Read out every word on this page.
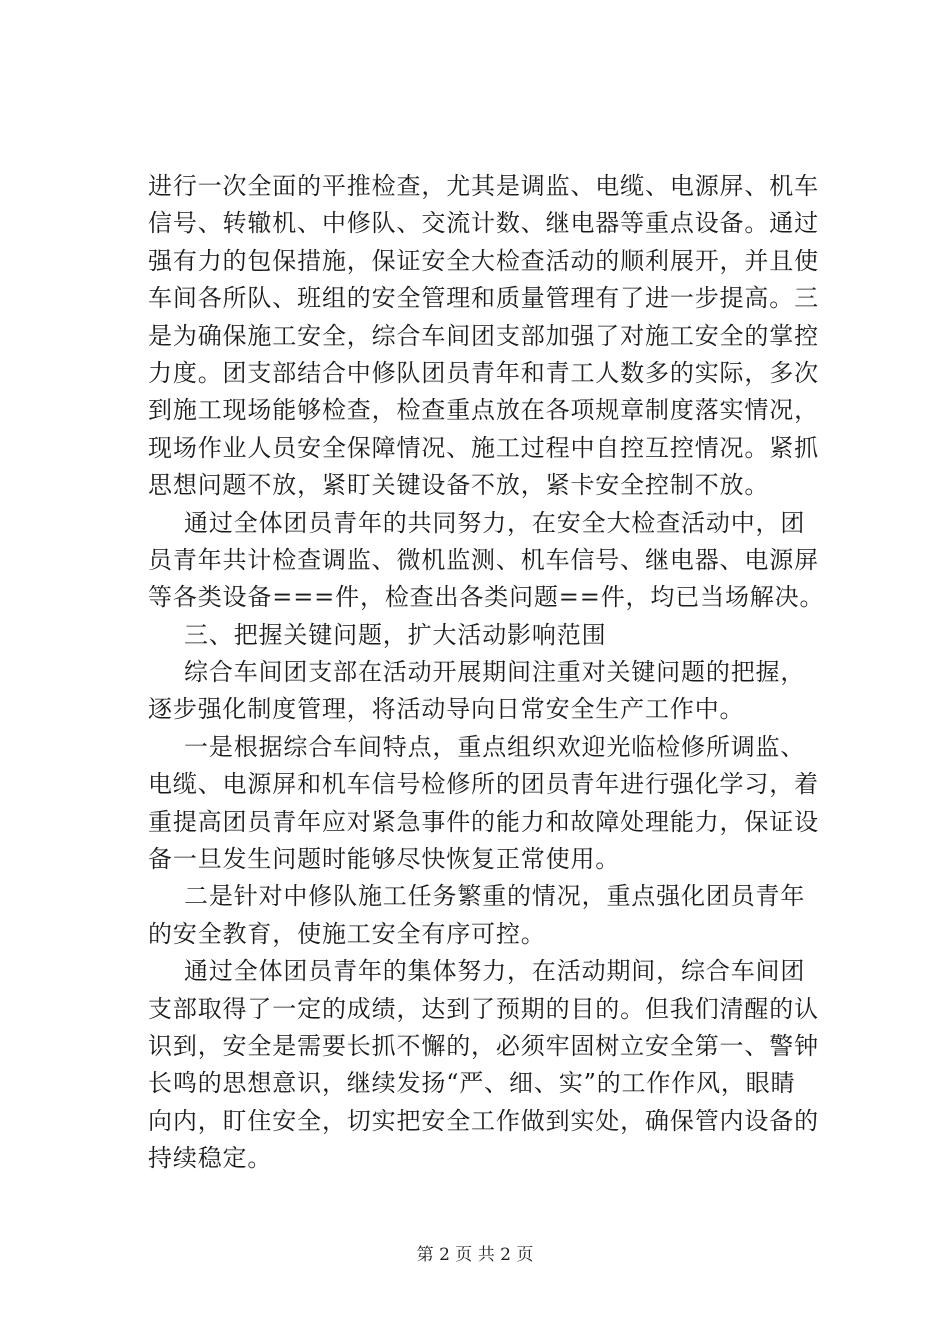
进行一次全面的平推检查，尤其是调监、电缆、电源屏、机车
信号、转辙机、中修队、交流计数、继电器等重点设备。通过
强有力的包保措施，保证安全大检查活动的顺利展开，并且使
车间各所队、班组的安全管理和质量管理有了进一步提高。三
是为确保施工安全，综合车间团支部加强了对施工安全的掌控
力度。团支部结合中修队团员青年和青工人数多的实际，多次
到施工现场能够检查，检查重点放在各项规章制度落实情况，
现场作业人员安全保障情况、施工过程中自控互控情况。紧抓
思想问题不放，紧盯关键设备不放，紧卡安全控制不放。
通过全体团员青年的共同努力，在安全大检查活动中，团
员青年共计检查调监、微机监测、机车信号、继电器、电源屏
等各类设备===件，检查出各类问题==件，均已当场解决。
三、把握关键问题，扩大活动影响范围
综合车间团支部在活动开展期间注重对关键问题的把握，
逐步强化制度管理，将活动导向日常安全生产工作中。
一是根据综合车间特点，重点组织欢迎光临检修所调监、
电缆、电源屏和机车信号检修所的团员青年进行强化学习，着
重提高团员青年应对紧急事件的能力和故障处理能力，保证设
备一旦发生问题时能够尽快恢复正常使用。
二是针对中修队施工任务繁重的情况，重点强化团员青年
的安全教育，使施工安全有序可控。
通过全体团员青年的集体努力，在活动期间，综合车间团
支部取得了一定的成绩，达到了预期的目的。但我们清醒的认
识到，安全是需要长抓不懈的，必须牢固树立安全第一、警钟
长鸣的思想意识，继续发扬“严、细、实”的工作作风，眼睛
向内，盯住安全，切实把安全工作做到实处，确保管内设备的
持续稳定。
第 2 页 共 2 页
